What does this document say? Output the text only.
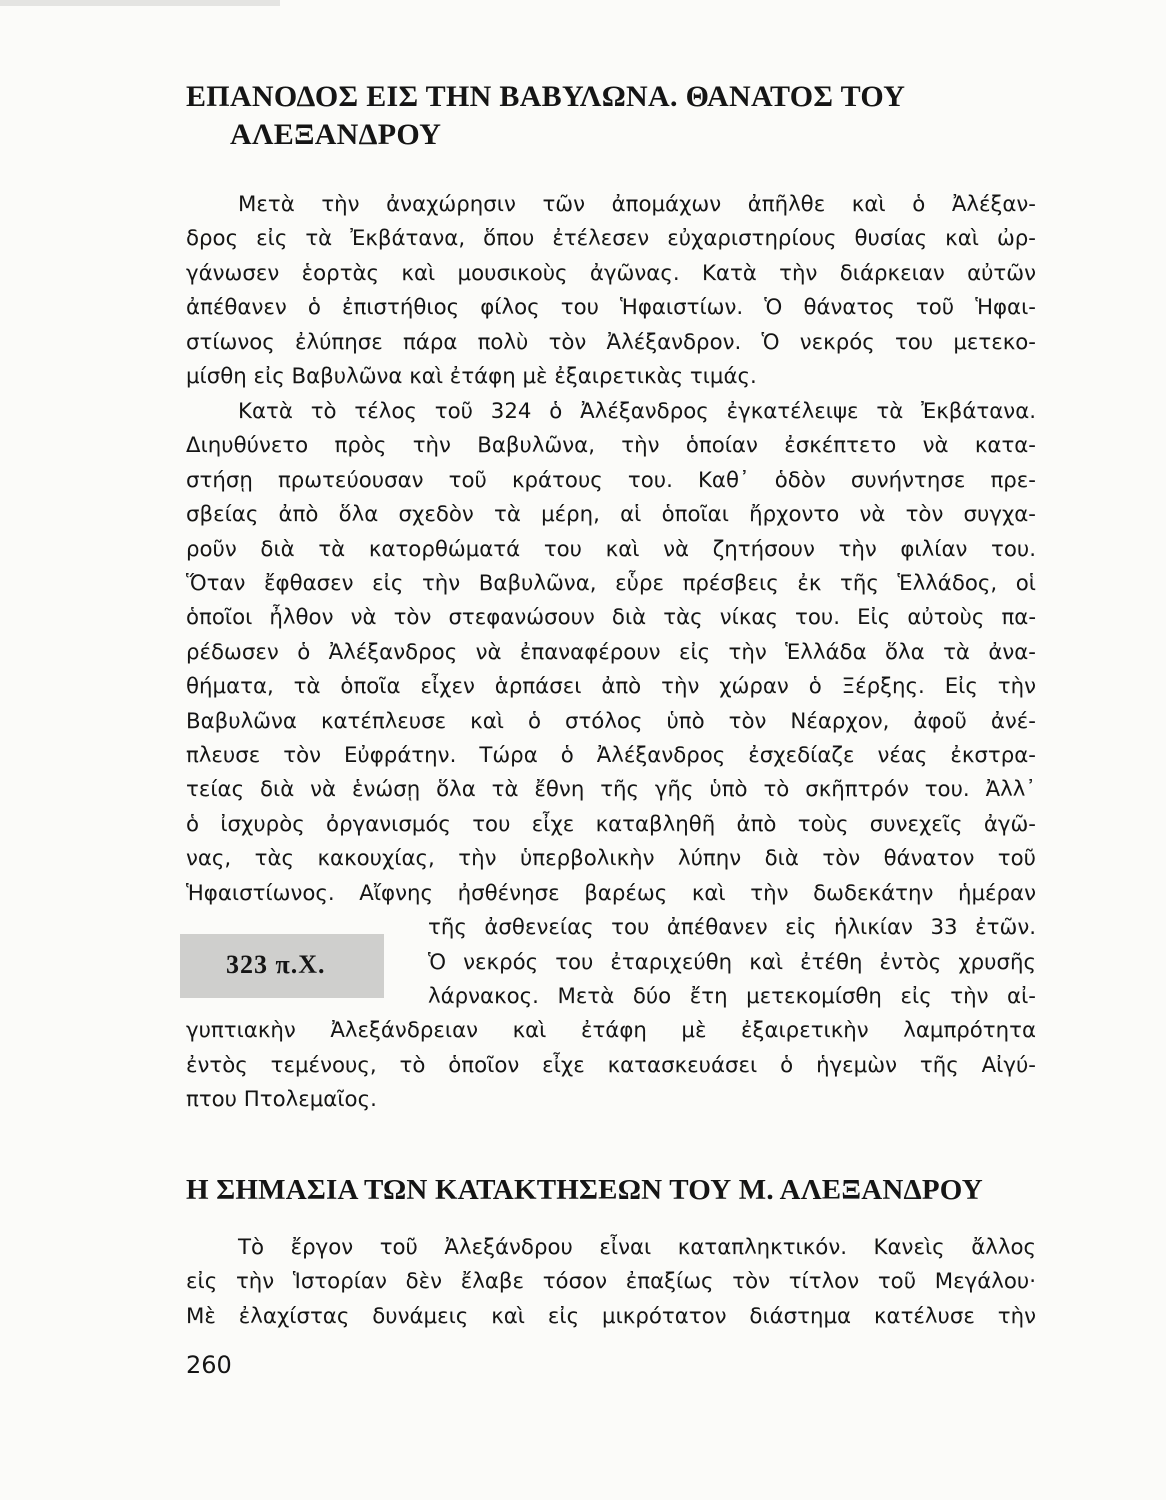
ΕΠΑΝΟΔΟΣ ΕΙΣ ΤΗΝ ΒΑΒΥΛΩΝΑ. ΘΑΝΑΤΟΣ ΤΟΥ
ΑΛΕΞΑΝΔΡΟΥ
Μετὰ τὴν ἀναχώρησιν τῶν ἀπομάχων ἀπῆλθε καὶ ὁ Ἀλέξαν-
δρος εἰς τὰ Ἐκβάτανα, ὅπου ἐτέλεσεν εὐχαριστηρίους θυσίας καὶ ὠρ-
γάνωσεν ἑορτὰς καὶ μουσικοὺς ἀγῶνας. Κατὰ τὴν διάρκειαν αὐτῶν
ἀπέθανεν ὁ ἐπιστήθιος φίλος του Ἡφαιστίων. Ὁ θάνατος τοῦ Ἡφαι-
στίωνος ἐλύπησε πάρα πολὺ τὸν Ἀλέξανδρον. Ὁ νεκρός του μετεκο-
μίσθη εἰς Βαβυλῶνα καὶ ἐτάφη μὲ ἐξαιρετικὰς τιμάς.
Κατὰ τὸ τέλος τοῦ 324 ὁ Ἀλέξανδρος ἐγκατέλειψε τὰ Ἐκβάτανα.
Διηυθύνετο πρὸς τὴν Βαβυλῶνα, τὴν ὁποίαν ἐσκέπτετο νὰ κατα-
στήσῃ πρωτεύουσαν τοῦ κράτους του. Καθ᾽ ὁδὸν συνήντησε πρε-
σβείας ἀπὸ ὅλα σχεδὸν τὰ μέρη, αἱ ὁποῖαι ἤρχοντο νὰ τὸν συγχα-
ροῦν διὰ τὰ κατορθώματά του καὶ νὰ ζητήσουν τὴν φιλίαν του.
Ὅταν ἔφθασεν εἰς τὴν Βαβυλῶνα, εὗρε πρέσβεις ἐκ τῆς Ἑλλάδος, οἱ
ὁποῖοι ἦλθον νὰ τὸν στεφανώσουν διὰ τὰς νίκας του. Εἰς αὐτοὺς πα-
ρέδωσεν ὁ Ἀλέξανδρος νὰ ἐπαναφέρουν εἰς τὴν Ἑλλάδα ὅλα τὰ ἀνα-
θήματα, τὰ ὁποῖα εἶχεν ἁρπάσει ἀπὸ τὴν χώραν ὁ Ξέρξης. Εἰς τὴν
Βαβυλῶνα κατέπλευσε καὶ ὁ στόλος ὑπὸ τὸν Νέαρχον, ἀφοῦ ἀνέ-
πλευσε τὸν Εὐφράτην. Τώρα ὁ Ἀλέξανδρος ἐσχεδίαζε νέας ἐκστρα-
τείας διὰ νὰ ἑνώσῃ ὅλα τὰ ἔθνη τῆς γῆς ὑπὸ τὸ σκῆπτρόν του. Ἀλλ᾽
ὁ ἰσχυρὸς ὀργανισμός του εἶχε καταβληθῆ ἀπὸ τοὺς συνεχεῖς ἀγῶ-
νας, τὰς κακουχίας, τὴν ὑπερβολικὴν λύπην διὰ τὸν θάνατον τοῦ
Ἡφαιστίωνος. Αἴφνης ἠσθένησε βαρέως καὶ τὴν δωδεκάτην ἡμέραν
τῆς ἀσθενείας του ἀπέθανεν εἰς ἡλικίαν 33 ἐτῶν.
Ὁ νεκρός του ἐταριχεύθη καὶ ἐτέθη ἐντὸς χρυσῆς
λάρνακος. Μετὰ δύο ἔτη μετεκομίσθη εἰς τὴν αἰ-
γυπτιακὴν Ἀλεξάνδρειαν καὶ ἐτάφη μὲ ἐξαιρετικὴν λαμπρότητα
ἐντὸς τεμένους, τὸ ὁποῖον εἶχε κατασκευάσει ὁ ἡγεμὼν τῆς Αἰγύ-
πτου Πτολεμαῖος.
323 π.Χ.
Η ΣΗΜΑΣΙΑ ΤΩΝ ΚΑΤΑΚΤΗΣΕΩΝ ΤΟΥ Μ. ΑΛΕΞΑΝΔΡΟΥ
Τὸ ἔργον τοῦ Ἀλεξάνδρου εἶναι καταπληκτικόν. Κανεὶς ἄλλος
εἰς τὴν Ἱστορίαν δὲν ἔλαβε τόσον ἐπαξίως τὸν τίτλον τοῦ Μεγάλου·
Μὲ ἐλαχίστας δυνάμεις καὶ εἰς μικρότατον διάστημα κατέλυσε τὴν
260
